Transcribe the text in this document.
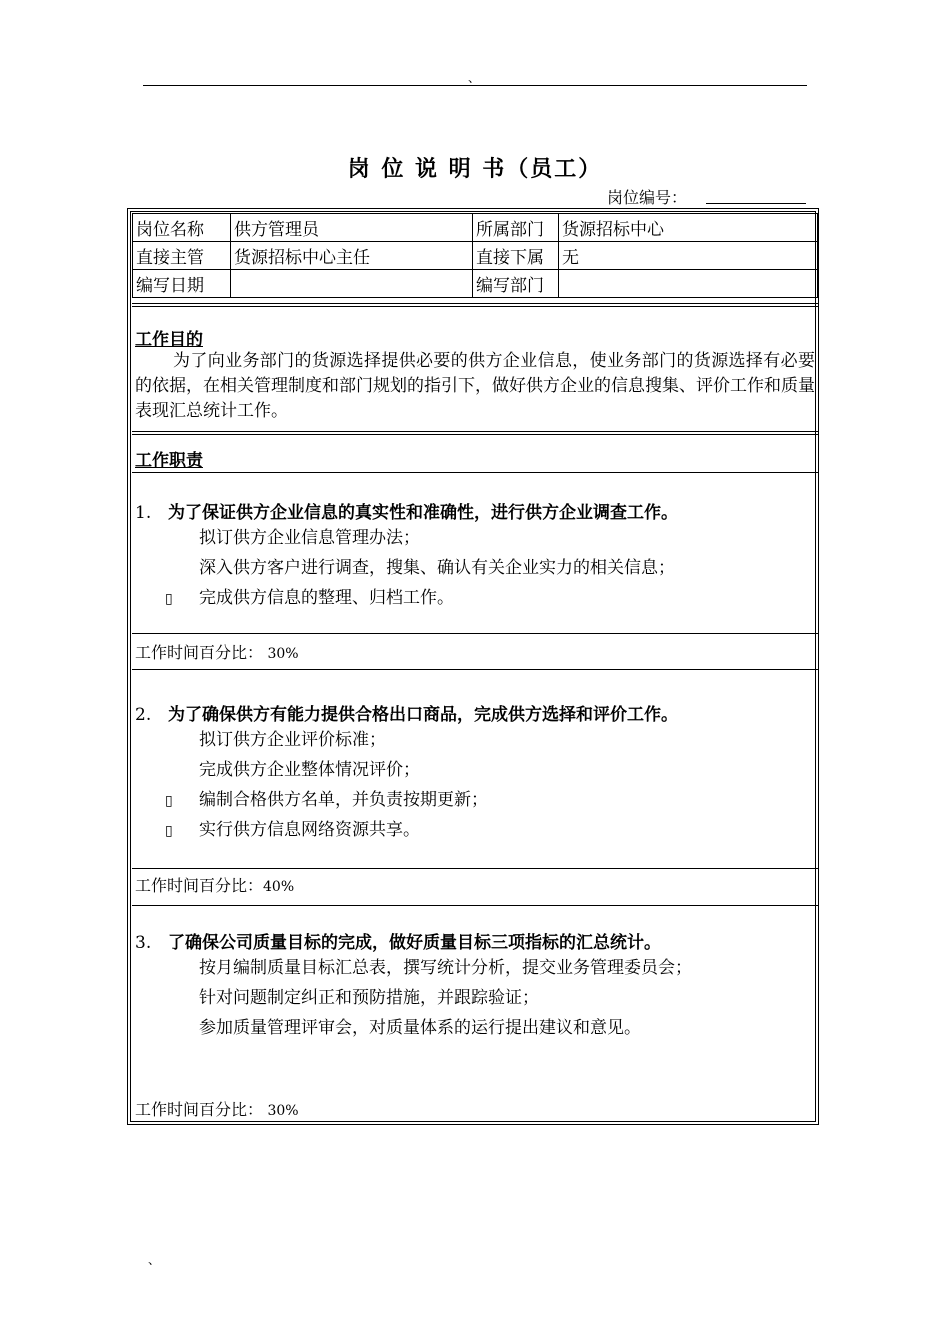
、
岗 位 说 明 书（员工）
岗位编号：
岗位名称	供方管理员	所属部门	货源招标中心
直接主管	货源招标中心主任	直接下属	无
编写日期		编写部门	
工作目的
为了向业务部门的货源选择提供必要的供方企业信息，使业务部门的货源选择有必要的依据，在相关管理制度和部门规划的指引下，做好供方企业的信息搜集、评价工作和质量表现汇总统计工作。
工作职责
1. 为了保证供方企业信息的真实性和准确性，进行供方企业调查工作。
拟订供方企业信息管理办法；
深入供方客户进行调查，搜集、确认有关企业实力的相关信息；
▯ 完成供方信息的整理、归档工作。
工作时间百分比： 30%
2. 为了确保供方有能力提供合格出口商品，完成供方选择和评价工作。
拟订供方企业评价标准；
完成供方企业整体情况评价；
▯ 编制合格供方名单，并负责按期更新；
▯ 实行供方信息网络资源共享。
工作时间百分比：40%
3. 了确保公司质量目标的完成，做好质量目标三项指标的汇总统计。
按月编制质量目标汇总表，撰写统计分析，提交业务管理委员会；
针对问题制定纠正和预防措施，并跟踪验证；
参加质量管理评审会，对质量体系的运行提出建议和意见。
工作时间百分比： 30%
、
